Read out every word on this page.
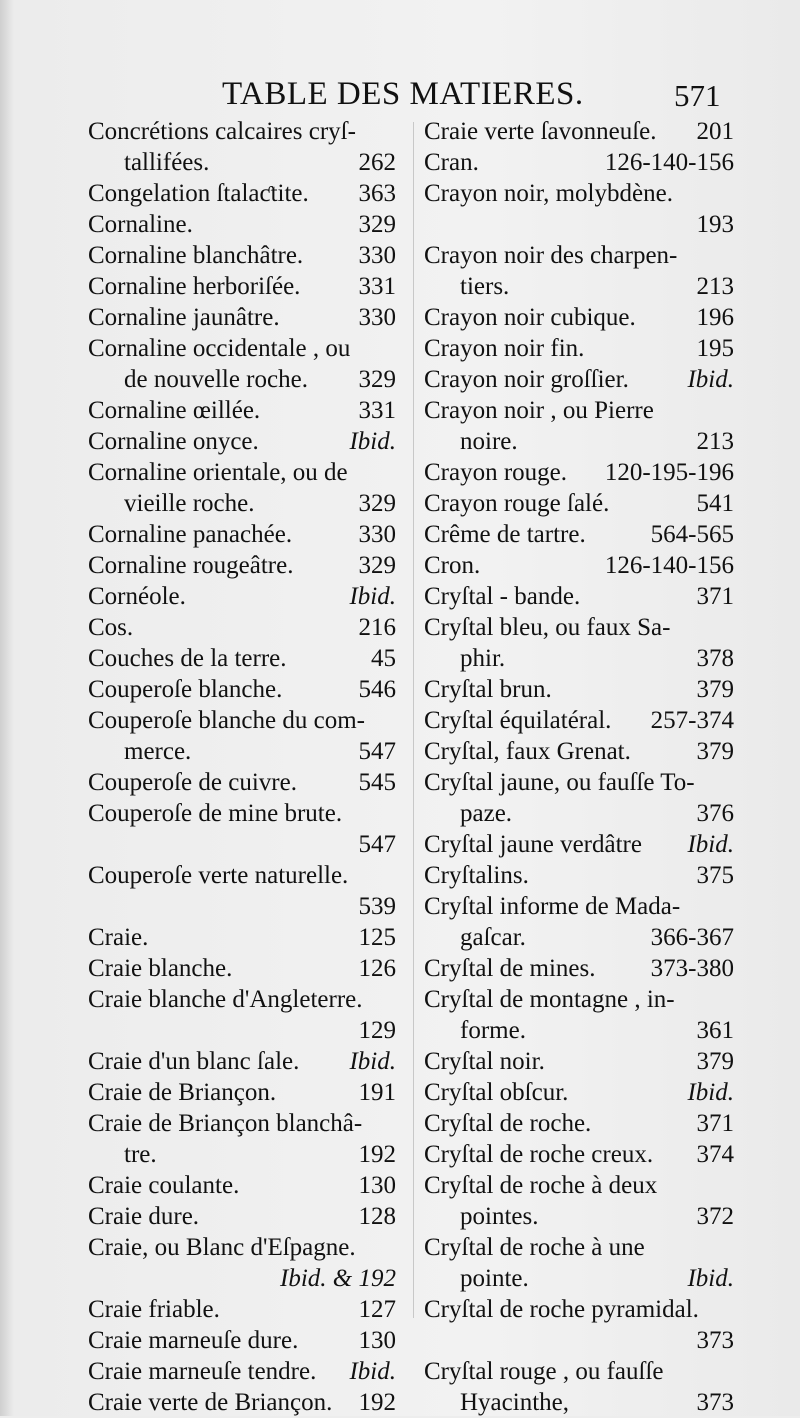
TABLE DES MATIERES.	571
Concrétions calcaires cryſ-
tallifées.	262
Congelation ſtalaƈtite. 363
Cornaline.	329
Cornaline blanchâtre. 330
Cornaline herboriſée. 331
Cornaline jaunâtre.	330
Cornaline occidentale , ou
de nouvelle roche. 329
Cornaline œillée.	331
Cornaline onyce.	Ibid.
Cornaline orientale, ou de
vieille roche.	329
Cornaline panachée.	330
Cornaline rougeâtre.	329
Cornéole.	Ibid.
Cos.	216
Couches de la terre.	45
Couperoſe blanche.	546
Couperoſe blanche du com-
merce.	547
Couperoſe de cuivre. 545
Couperoſe de mine brute.
547
Couperoſe verte naturelle.
539
Craie.	125
Craie blanche.	126
Craie blanche d'Angleterre.
129
Craie d'un blanc ſale. Ibid.
Craie de Briançon.	191
Craie de Briançon blanchâ-
tre.	192
Craie coulante.	130
Craie dure.	128
Craie, ou Blanc d'Eſpagne.
Ibid. & 192
Craie friable.	127
Craie marneuſe dure. 130
Craie marneuſe tendre. Ibid.
Craie verte de Briançon. 192
Craie verte ſavonneuſe. 201
Cran.	126-140-156
Crayon noir, molybdène.
193
Crayon noir des charpen-
tiers.	213
Crayon noir cubique. 196
Crayon noir fin.	195
Crayon noir groſſier. Ibid.
Crayon noir , ou Pierre
noire.	213
Crayon rouge. 120-195-196
Crayon rouge ſalé.	541
Crême de tartre.	564-565
Cron.	126-140-156
Cryſtal - bande.	371
Cryſtal bleu, ou faux Sa-
phir.	378
Cryſtal brun.	379
Cryſtal équilatéral. 257-374
Cryſtal, faux Grenat.	379
Cryſtal jaune, ou fauſſe To-
paze.	376
Cryſtal jaune verdâtre Ibid.
Cryſtalins.	375
Cryſtal informe de Mada-
gaſcar.	366-367
Cryſtal de mines. 373-380
Cryſtal de montagne , in-
forme.	361
Cryſtal noir.	379
Cryſtal obſcur.	Ibid.
Cryſtal de roche.	371
Cryſtal de roche creux. 374
Cryſtal de roche à deux
pointes.	372
Cryſtal de roche à une
pointe.	Ibid.
Cryſtal de roche pyramidal.
373
Cryſtal rouge , ou fauſſe
Hyacinthe,	373
